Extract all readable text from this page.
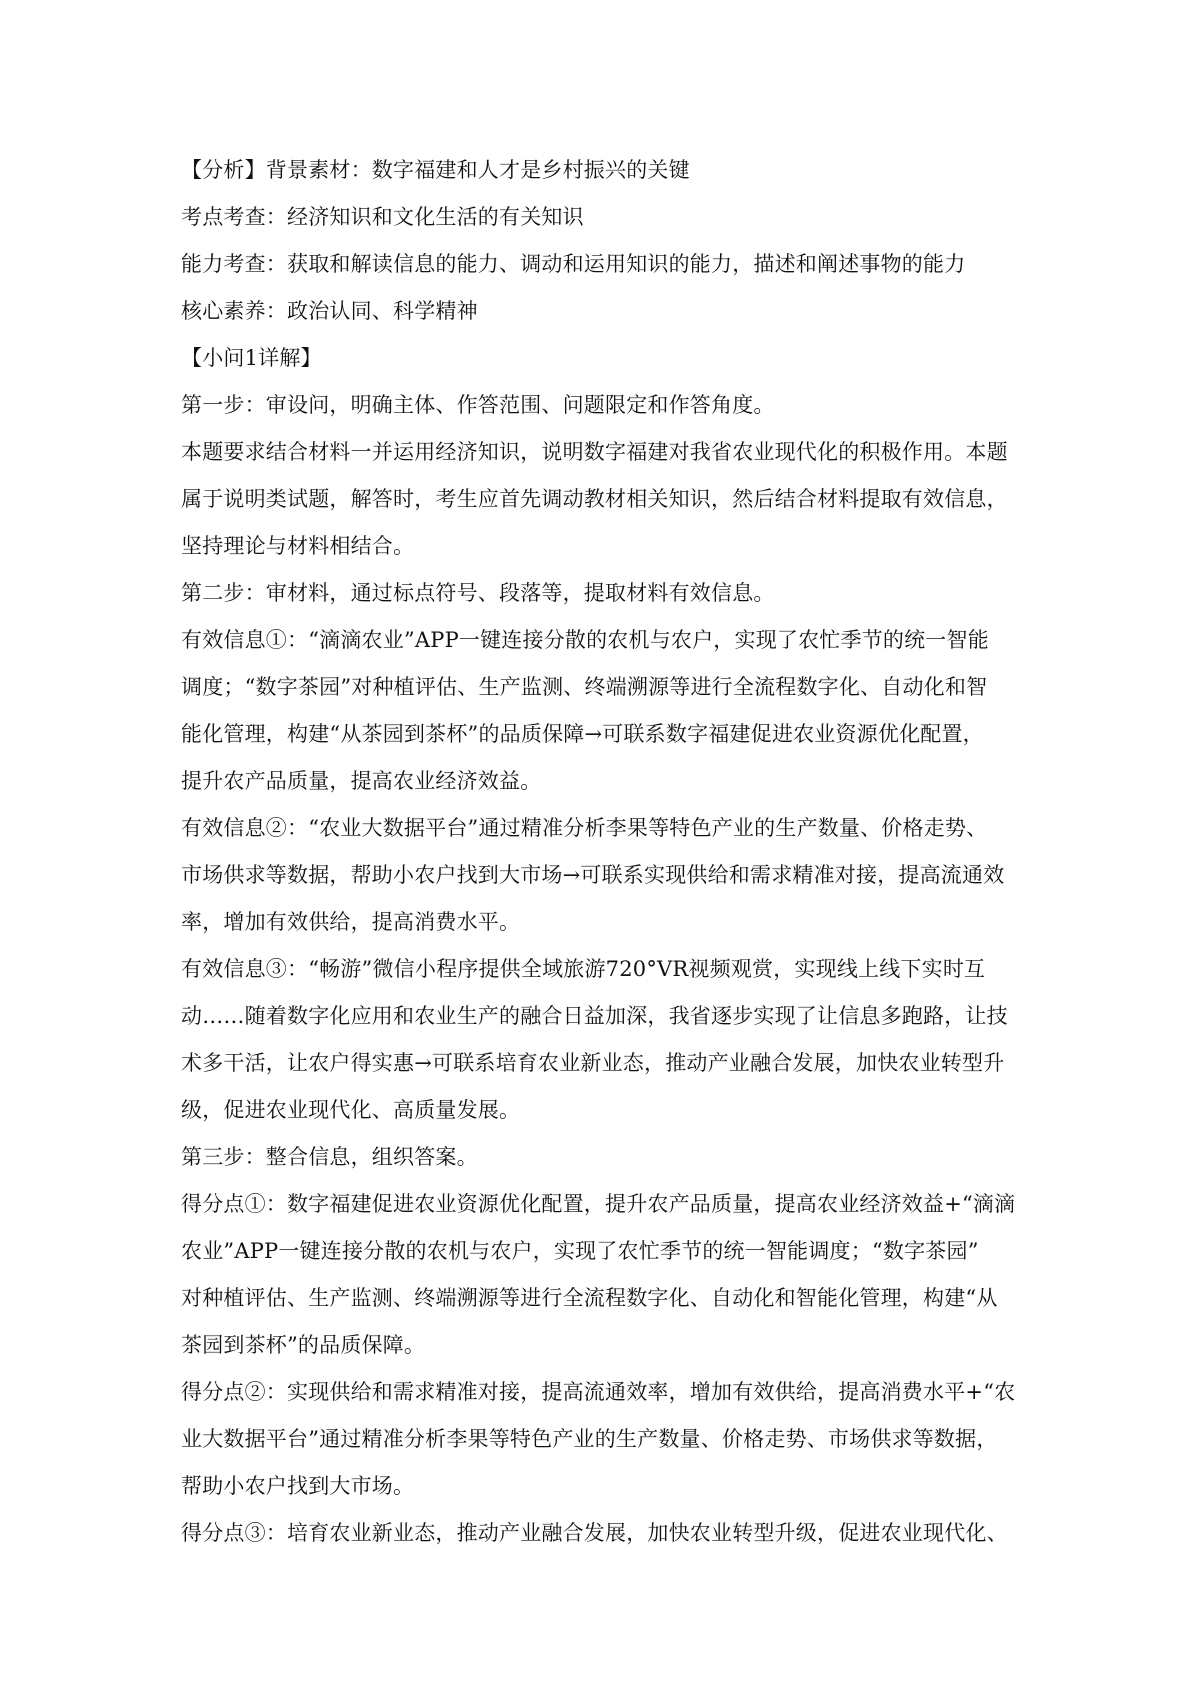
【分析】背景素材：数字福建和人才是乡村振兴的关键

考点考查：经济知识和文化生活的有关知识

能力考查：获取和解读信息的能力、调动和运用知识的能力，描述和阐述事物的能力

核心素养：政治认同、科学精神

【小问1详解】

第一步：审设问，明确主体、作答范围、问题限定和作答角度。

本题要求结合材料一并运用经济知识，说明数字福建对我省农业现代化的积极作用。本题

属于说明类试题，解答时，考生应首先调动教材相关知识，然后结合材料提取有效信息，

坚持理论与材料相结合。

第二步：审材料，通过标点符号、段落等，提取材料有效信息。

有效信息①：“滴滴农业”APP一键连接分散的农机与农户，实现了农忙季节的统一智能

调度；“数字茶园”对种植评估、生产监测、终端溯源等进行全流程数字化、自动化和智

能化管理，构建“从茶园到茶杯”的品质保障→可联系数字福建促进农业资源优化配置，

提升农产品质量，提高农业经济效益。

有效信息②：“农业大数据平台”通过精准分析李果等特色产业的生产数量、价格走势、

市场供求等数据，帮助小农户找到大市场→可联系实现供给和需求精准对接，提高流通效

率，增加有效供给，提高消费水平。

有效信息③：“畅游”微信小程序提供全域旅游720°VR视频观赏，实现线上线下实时互

动……随着数字化应用和农业生产的融合日益加深，我省逐步实现了让信息多跑路，让技

术多干活，让农户得实惠→可联系培育农业新业态，推动产业融合发展，加快农业转型升

级，促进农业现代化、高质量发展。

第三步：整合信息，组织答案。

得分点①：数字福建促进农业资源优化配置，提升农产品质量，提高农业经济效益+“滴滴

农业”APP一键连接分散的农机与农户，实现了农忙季节的统一智能调度；“数字茶园”

对种植评估、生产监测、终端溯源等进行全流程数字化、自动化和智能化管理，构建“从

茶园到茶杯”的品质保障。

得分点②：实现供给和需求精准对接，提高流通效率，增加有效供给，提高消费水平+“农

业大数据平台”通过精准分析李果等特色产业的生产数量、价格走势、市场供求等数据，

帮助小农户找到大市场。

得分点③：培育农业新业态，推动产业融合发展，加快农业转型升级，促进农业现代化、
